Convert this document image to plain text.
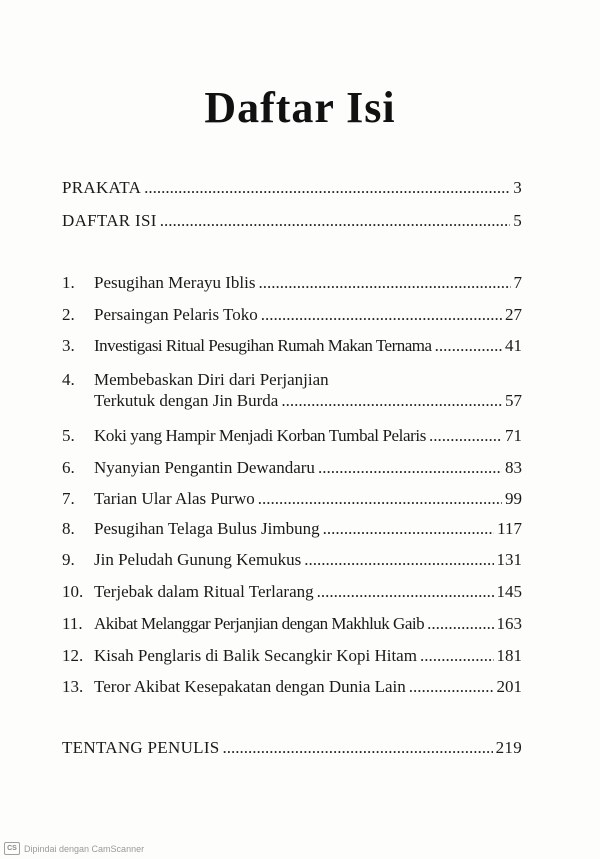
Daftar Isi
PRAKATA .....	3
DAFTAR ISI .....	5
1.	Pesugihan Merayu Iblis .....	7
2.	Persaingan Pelaris Toko .....	27
3.	Investigasi Ritual Pesugihan Rumah Makan Ternama .....	41
4.	Membebaskan Diri dari Perjanjian
Terkutuk dengan Jin Burda .....	57
5.	Koki yang Hampir Menjadi Korban Tumbal Pelaris .....	71
6.	Nyanyian Pengantin Dewandaru .....	83
7.	Tarian Ular Alas Purwo .....	99
8.	Pesugihan Telaga Bulus Jimbung .....	117
9.	Jin Peludah Gunung Kemukus .....	131
10. Terjebak dalam Ritual Terlarang .....	145
11. Akibat Melanggar Perjanjian dengan Makhluk Gaib .....	163
12. Kisah Penglaris di Balik Secangkir Kopi Hitam .....	181
13. Teror Akibat Kesepakatan dengan Dunia Lain .....	201
TENTANG PENULIS .....	219
CS Dipindai dengan CamScanner
